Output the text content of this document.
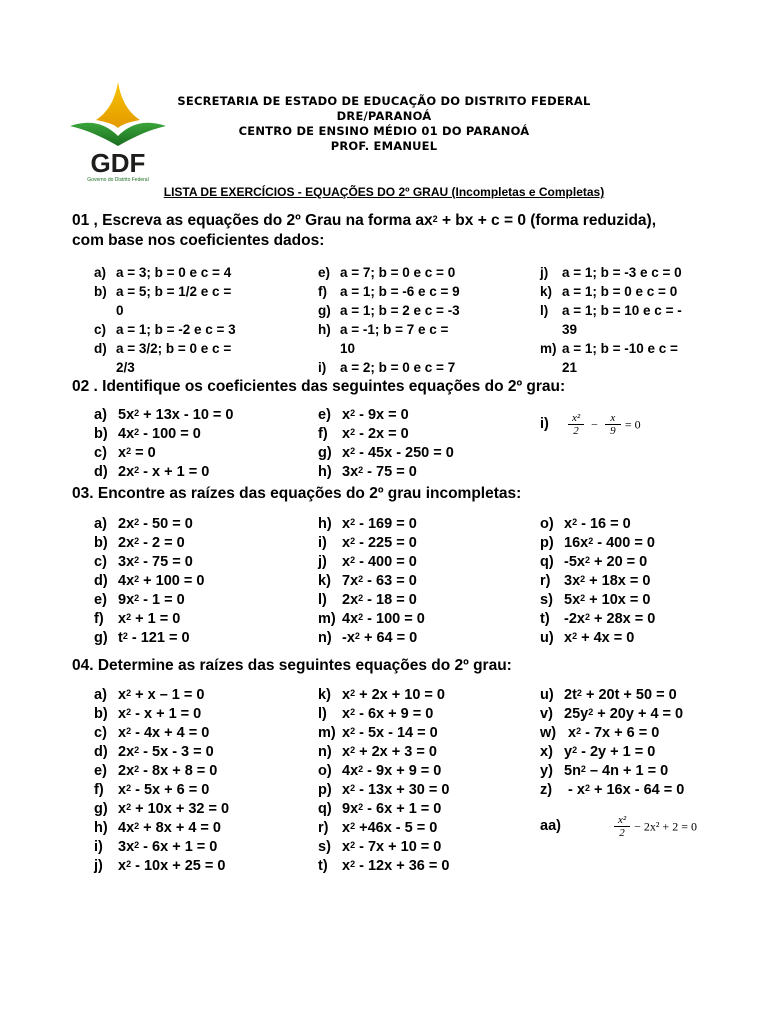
GDF
Governo do Distrito Federal
SECRETARIA DE ESTADO DE EDUCAÇÃO DO DISTRITO FEDERAL
DRE/PARANOÁ
CENTRO DE ENSINO MÉDIO 01 DO PARANOÁ
PROF. EMANUEL
LISTA DE EXERCÍCIOS - EQUAÇÕES DO 2º GRAU (Incompletas e Completas)
01 , Escreva as equações do 2º Grau na forma $ax^2$ + bx + c = 0 (forma reduzida),
com base nos coeficientes dados:
a) a = 3; b = 0 e c = 4
b) a = 5; b = 1/2 e c =
0
c) a = 1; b = -2 e c = 3
d) a = 3/2; b = 0 e c =
2/3
e) a = 7; b = 0 e c = 0
f) a = 1; b = -6 e c = 9
g) a = 1; b = 2 e c = -3
h) a = -1; b = 7 e c =
10
i) a = 2; b = 0 e c = 7
j) a = 1; b = -3 e c = 0
k) a = 1; b = 0 e c = 0
l) a = 1; b = 10 e c = -
39
m) a = 1; b = -10 e c =
21
02 . Identifique os coeficientes das seguintes equações do 2º grau:
a) $5x^2 + 13x - 10 = 0$
b) $4x^2 - 100 = 0$
c) $x^2 = 0$
d) $2x^2 - x + 1 = 0$
e) $x^2 - 9x = 0$
f) $x^2 - 2x = 0$
g) $x^2 - 45x - 250 = 0$
h) $3x^2 - 75 = 0$
$i) \frac{\text{x²}}{2} - \frac{x}{9} = 0$
03. Encontre as raízes das equações do 2º grau incompletas:
a) $2x^2 - 50 = 0$
b) $2x^2 - 2 = 0$
c) $3x^2 - 75 = 0$
d) $4x^2 + 100 = 0$
e) $9x^2 - 1 = 0$
f) $x^2 + 1 = 0$
g) $t^2 - 121 = 0$
h) $x^2 - 169 = 0$
i) $x^2 - 225 = 0$
j) $x^2 - 400 = 0$
k) $7x^2 - 63 = 0$
l) $2x^2 - 18 = 0$
m) $4x^2 - 100 = 0$
n) $-x^2 + 64 = 0$
o) $x^2 - 16 = 0$
p) $16x^2 - 400 = 0$
q) $-5x^2 + 20 = 0$
r) $3x^2 + 18x = 0$
s) $5x^2 + 10x = 0$
t) $-2x^2 + 28x = 0$
u) $x^2 + 4x = 0$
04. Determine as raízes das seguintes equações do 2º grau:
a) $x^2 + x - 1 = 0$
b) $x^2 - x + 1 = 0$
c) $x^2 - 4x + 4 = 0$
d) $2x^2 - 5x - 3 = 0$
e) $2x^2 - 8x + 8 = 0$
f) $x^2 - 5x + 6 = 0$
g) $x^2 + 10x + 32 = 0$
h) $4x^2 + 8x + 4 = 0$
i) $3x^2 - 6x + 1 = 0$
j) $x^2 - 10x + 25 = 0$
k) $x^2 + 2x + 10 = 0$
l) $x^2 - 6x + 9 = 0$
m) $x^2 - 5x - 14 = 0$
n) $x^2 + 2x + 3 = 0$
o) $4x^2 - 9x + 9 = 0$
p) $x^2 - 13x + 30 = 0$
q) $9x^2 - 6x + 1 = 0$
r) $x^2 +46x - 5 = 0$
s) $x^2 - 7x + 10 = 0$
t) $x^2 - 12x + 36 = 0$
u) $2t^2 + 20t + 50 = 0$
v) $25y^2 + 20y + 4 = 0$
w) $x^2 - 7x + 6 = 0$
x) $y^2 - 2y + 1 = 0$
y) $5n^2 - 4n + 1 = 0$
$z) - x^2 + 16x - 64 = 0$
aa)	$\frac{\text{x²}}{2} - 2x^2 + 2 = 0$
